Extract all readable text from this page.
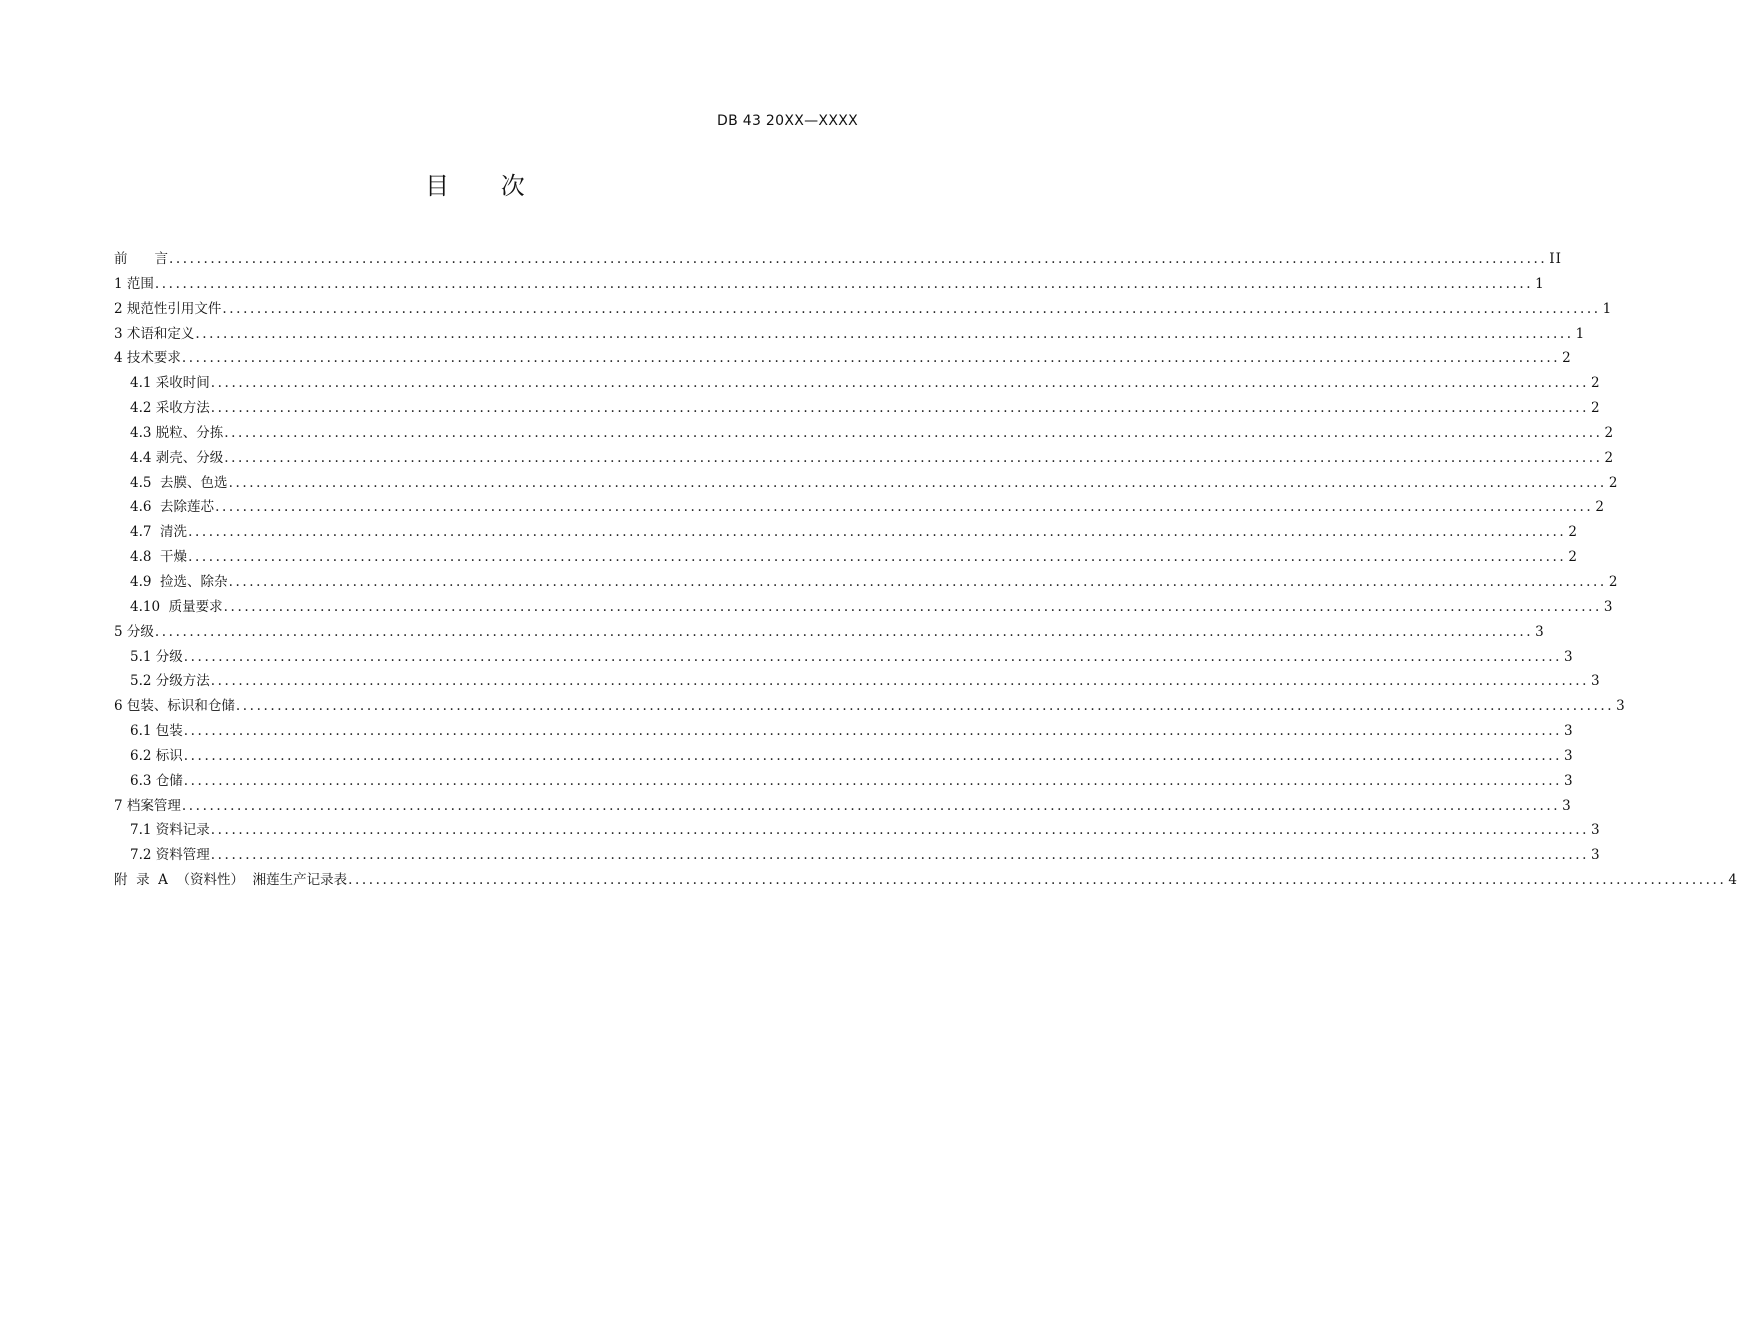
DB 43 20XX—XXXX
目 次
前　　言 ........................................................................................................................................................................................................ II
1 范围 ........................................................................................................................................................................................................ 1
2 规范性引用文件 ........................................................................................................................................................................................................ 1
3 术语和定义 ........................................................................................................................................................................................................ 1
4 技术要求 ........................................................................................................................................................................................................ 2
4.1 采收时间 ........................................................................................................................................................................................................ 2
4.2 采收方法 ........................................................................................................................................................................................................ 2
4.3 脱粒、分拣 ........................................................................................................................................................................................................ 2
4.4 剥壳、分级 ........................................................................................................................................................................................................ 2
4.5  去膜、色选 ........................................................................................................................................................................................................ 2
4.6  去除莲芯 ........................................................................................................................................................................................................ 2
4.7  清洗 ........................................................................................................................................................................................................ 2
4.8  干燥 ........................................................................................................................................................................................................ 2
4.9  捡选、除杂 ........................................................................................................................................................................................................ 2
4.10  质量要求 ........................................................................................................................................................................................................ 3
5 分级 ........................................................................................................................................................................................................ 3
5.1 分级 ........................................................................................................................................................................................................ 3
5.2 分级方法 ........................................................................................................................................................................................................ 3
6 包装、标识和仓储 ........................................................................................................................................................................................................ 3
6.1 包装 ........................................................................................................................................................................................................ 3
6.2 标识 ........................................................................................................................................................................................................ 3
6.3 仓储 ........................................................................................................................................................................................................ 3
7 档案管理 ........................................................................................................................................................................................................ 3
7.1 资料记录 ........................................................................................................................................................................................................ 3
7.2 资料管理 ........................................................................................................................................................................................................ 3
附  录  A  （资料性）  湘莲生产记录表 ........................................................................................................................................................................................................ 4
